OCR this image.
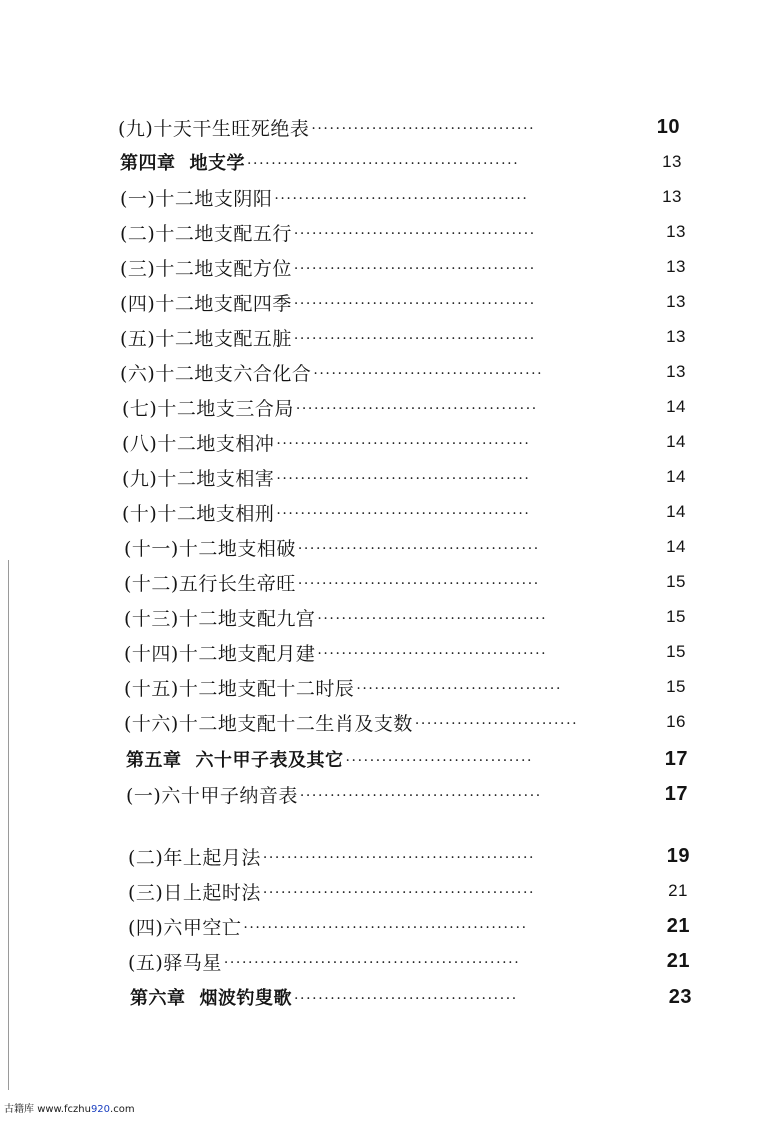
(九)十天干生旺死绝表 ·····································	10
第四章 地支学 ·············································	13
(一)十二地支阴阳 ··········································	13
(二)十二地支配五行 ········································	13
(三)十二地支配方位 ········································	13
(四)十二地支配四季 ········································	13
(五)十二地支配五脏 ········································	13
(六)十二地支六合化合 ······································	13
(七)十二地支三合局 ········································	14
(八)十二地支相冲 ··········································	14
(九)十二地支相害 ··········································	14
(十)十二地支相刑 ··········································	14
(十一)十二地支相破 ········································	14
(十二)五行长生帝旺 ········································	15
(十三)十二地支配九宫 ······································	15
(十四)十二地支配月建 ······································	15
(十五)十二地支配十二时辰 ··································	15
(十六)十二地支配十二生肖及支数 ···························	16
第五章 六十甲子表及其它 ·······························	17
(一)六十甲子纳音表 ········································	17
(二)年上起月法 ·············································	19
(三)日上起时法 ·············································	21
(四)六甲空亡 ···············································	21
(五)驿马星 ·················································	21
第六章 烟波钓叟歌 ·····································	23
古籍库 www.fczhu920.com
